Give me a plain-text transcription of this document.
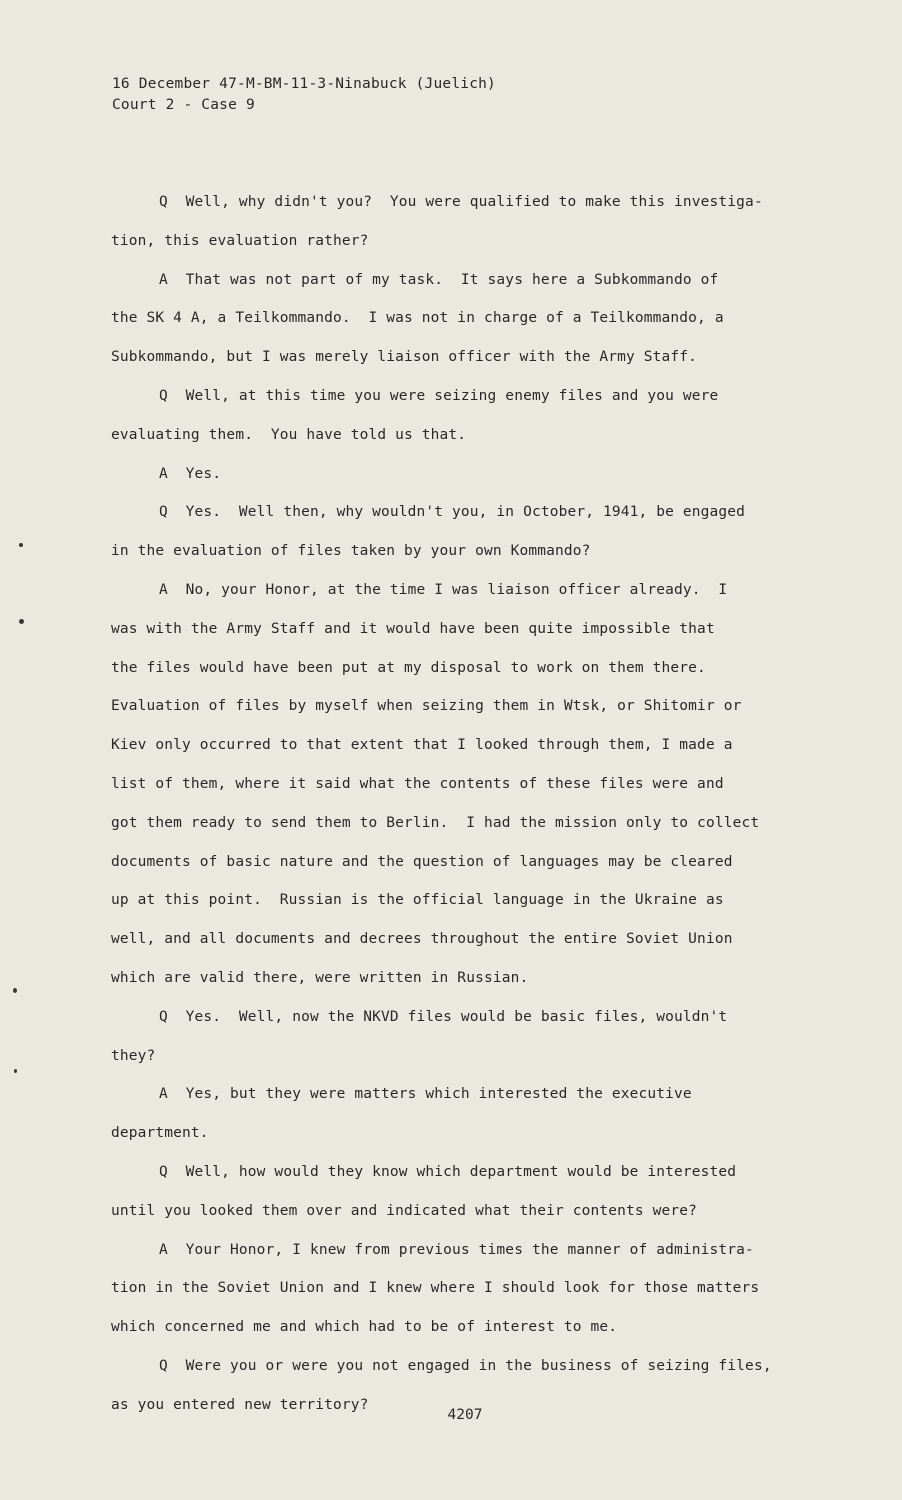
16 December 47-M-BM-11-3-Ninabuck (Juelich)
Court 2 - Case 9
Q  Well, why didn't you?  You were qualified to make this investiga-
tion, this evaluation rather?
A  That was not part of my task.  It says here a Subkommando of
the SK 4 A, a Teilkommando.  I was not in charge of a Teilkommando, a
Subkommando, but I was merely liaison officer with the Army Staff.
Q  Well, at this time you were seizing enemy files and you were
evaluating them.  You have told us that.
A  Yes.
Q  Yes.  Well then, why wouldn't you, in October, 1941, be engaged
in the evaluation of files taken by your own Kommando?
A  No, your Honor, at the time I was liaison officer already.  I
was with the Army Staff and it would have been quite impossible that
the files would have been put at my disposal to work on them there.
Evaluation of files by myself when seizing them in Wtsk, or Shitomir or
Kiev only occurred to that extent that I looked through them, I made a
list of them, where it said what the contents of these files were and
got them ready to send them to Berlin.  I had the mission only to collect
documents of basic nature and the question of languages may be cleared
up at this point.  Russian is the official language in the Ukraine as
well, and all documents and decrees throughout the entire Soviet Union
which are valid there, were written in Russian.
Q  Yes.  Well, now the NKVD files would be basic files, wouldn't
they?
A  Yes, but they were matters which interested the executive
department.
Q  Well, how would they know which department would be interested
until you looked them over and indicated what their contents were?
A  Your Honor, I knew from previous times the manner of administra-
tion in the Soviet Union and I knew where I should look for those matters
which concerned me and which had to be of interest to me.
Q  Were you or were you not engaged in the business of seizing files,
as you entered new territory?
4207
